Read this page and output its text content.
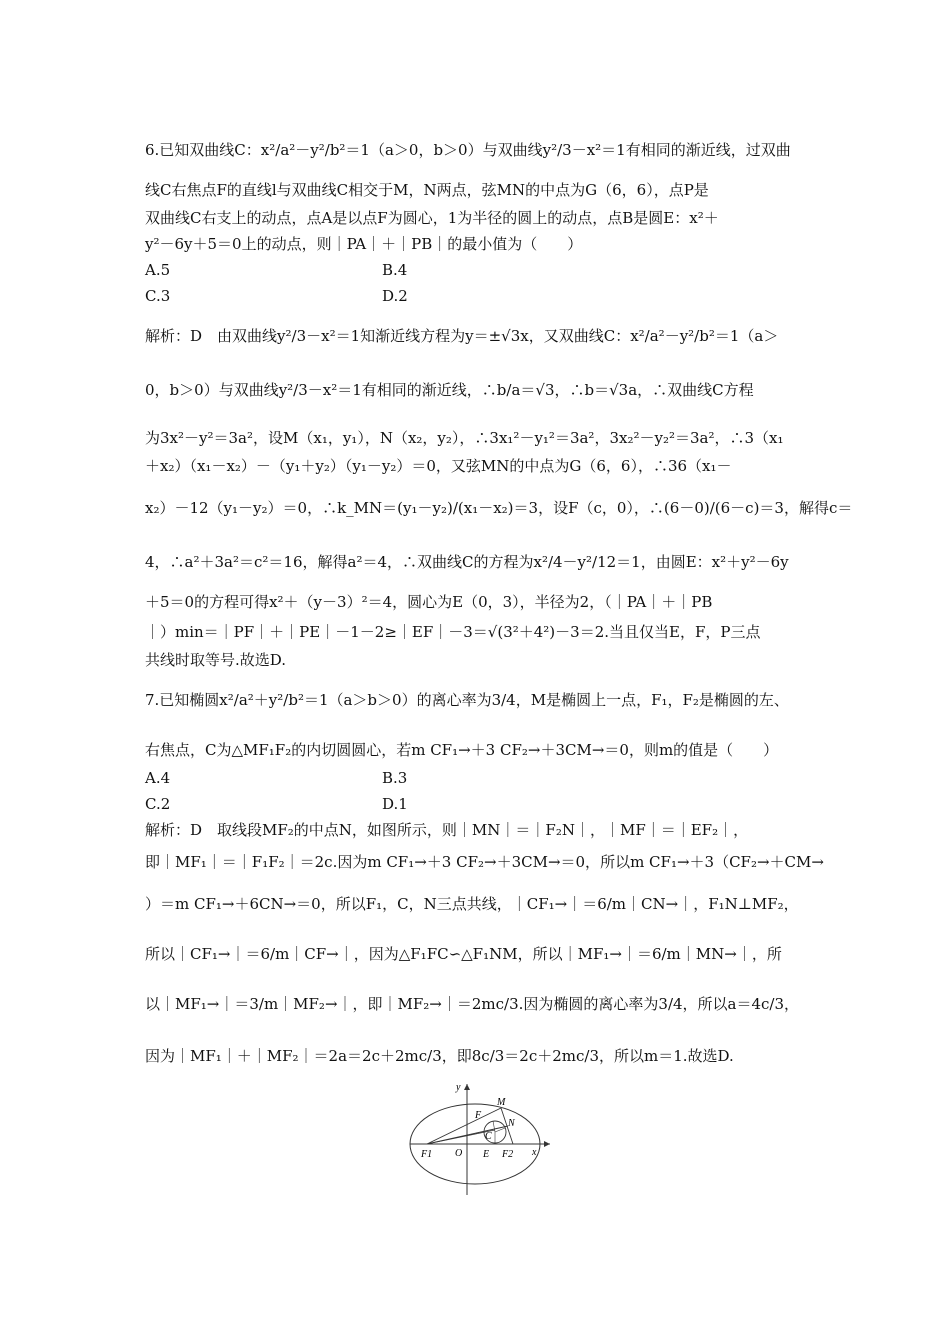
6.已知双曲线C：x²/a²－y²/b²＝1（a＞0，b＞0）与双曲线y²/3－x²＝1有相同的渐近线，过双曲
线C右焦点F的直线l与双曲线C相交于M，N两点，弦MN的中点为G（6，6），点P是
双曲线C右支上的动点，点A是以点F为圆心，1为半径的圆上的动点，点B是圆E：x²＋
y²－6y＋5＝0上的动点，则｜PA｜＋｜PB｜的最小值为（　　）
A.5	B.4
C.3	D.2
解析：D　由双曲线y²/3－x²＝1知渐近线方程为y＝±√3x，又双曲线C：x²/a²－y²/b²＝1（a＞
0，b＞0）与双曲线y²/3－x²＝1有相同的渐近线，∴b/a＝√3，∴b＝√3a，∴双曲线C方程
为3x²－y²＝3a²，设M（x₁，y₁），N（x₂，y₂），∴3x₁²－y₁²＝3a²，3x₂²－y₂²＝3a²，∴3（x₁
＋x₂）（x₁－x₂）－（y₁＋y₂）（y₁－y₂）＝0，又弦MN的中点为G（6，6），∴36（x₁－
x₂）－12（y₁－y₂）＝0，∴k_MN＝(y₁－y₂)/(x₁－x₂)＝3，设F（c，0），∴(6－0)/(6－c)＝3，解得c＝
4，∴a²＋3a²＝c²＝16，解得a²＝4，∴双曲线C的方程为x²/4－y²/12＝1，由圆E：x²＋y²－6y
＋5＝0的方程可得x²＋（y－3）²＝4，圆心为E（0，3），半径为2，（｜PA｜＋｜PB
｜）min＝｜PF｜＋｜PE｜－1－2≥｜EF｜－3＝√(3²＋4²)－3＝2.当且仅当E，F，P三点
共线时取等号.故选D.
7.已知椭圆x²/a²＋y²/b²＝1（a＞b＞0）的离心率为3/4，M是椭圆上一点，F₁，F₂是椭圆的左、
右焦点，C为△MF₁F₂的内切圆圆心，若m CF₁→＋3 CF₂→＋3CM→＝0，则m的值是（　　）
A.4	B.3
C.2	D.1
解析：D　取线段MF₂的中点N，如图所示，则｜MN｜＝｜F₂N｜，｜MF｜＝｜EF₂｜，
即｜MF₁｜＝｜F₁F₂｜＝2c.因为m CF₁→＋3 CF₂→＋3CM→＝0，所以m CF₁→＋3（CF₂→＋CM→
）＝m CF₁→＋6CN→＝0，所以F₁，C，N三点共线，｜CF₁→｜＝6/m｜CN→｜，F₁N⊥MF₂，
所以｜CF₁→｜＝6/m｜CF→｜，因为△F₁FC∽△F₁NM，所以｜MF₁→｜＝6/m｜MN→｜，所
以｜MF₁→｜＝3/m｜MF₂→｜，即｜MF₂→｜＝2mc/3.因为椭圆的离心率为3/4，所以a＝4c/3，
因为｜MF₁｜＋｜MF₂｜＝2a＝2c＋2mc/3，即8c/3＝2c＋2mc/3，所以m＝1.故选D.
y
M
F
N
C
F1 O E F2 x
